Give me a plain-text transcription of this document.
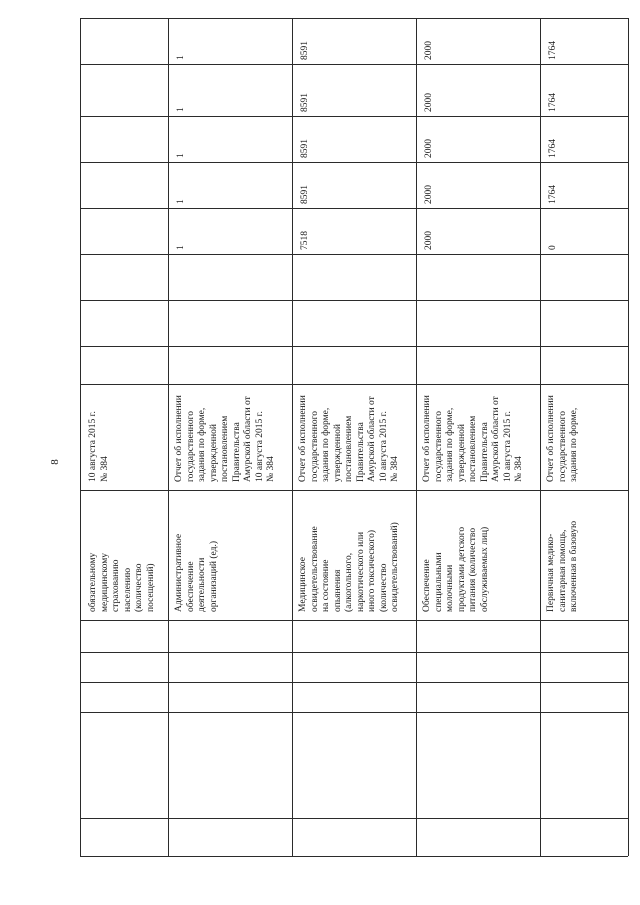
8
обязательному
медицинскому
страхованию
населению
(количество
посещений)
10 августа 2015 г.
№ 384
Административное
обеспечение
деятельности
организаций (ед.)
Отчет об исполнении
государственного
задания по форме,
утвержденной
постановлением
Правительства
Амурской области от
10 августа 2015 г.
№ 384
1
1
1
1
1
Медицинское
освидетельствование
на состояние
опьянения
(алкогольного,
наркотического или
иного токсического)
(количество
освидетельствований)
Отчет об исполнении
государственного
задания по форме,
утвержденной
постановлением
Правительства
Амурской области от
10 августа 2015 г.
№ 384
7518
8591
8591
8591
8591
Обеспечение
специальными
молочными
продуктами детского
питания (количество
обслуживаемых лиц)
Отчет об исполнении
государственного
задания по форме,
утвержденной
постановлением
Правительства
Амурской области от
10 августа 2015 г.
№ 384
2000
2000
2000
2000
2000
Первичная медико-
санитарная помощь,
включенная в базовую
Отчет об исполнении
государственного
задания по форме,
0
1764
1764
1764
1764
